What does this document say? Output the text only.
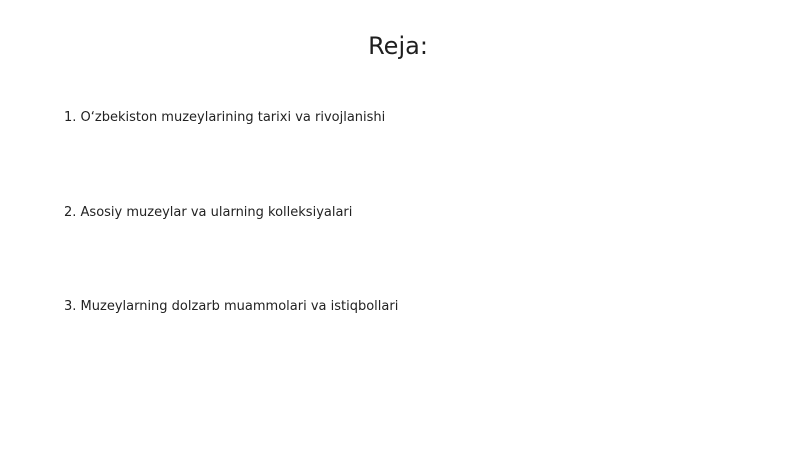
Reja:
1. O‘zbekiston muzeylarining tarixi va rivojlanishi
2. Asosiy muzeylar va ularning kolleksiyalari
3. Muzeylarning dolzarb muammolari va istiqbollari
